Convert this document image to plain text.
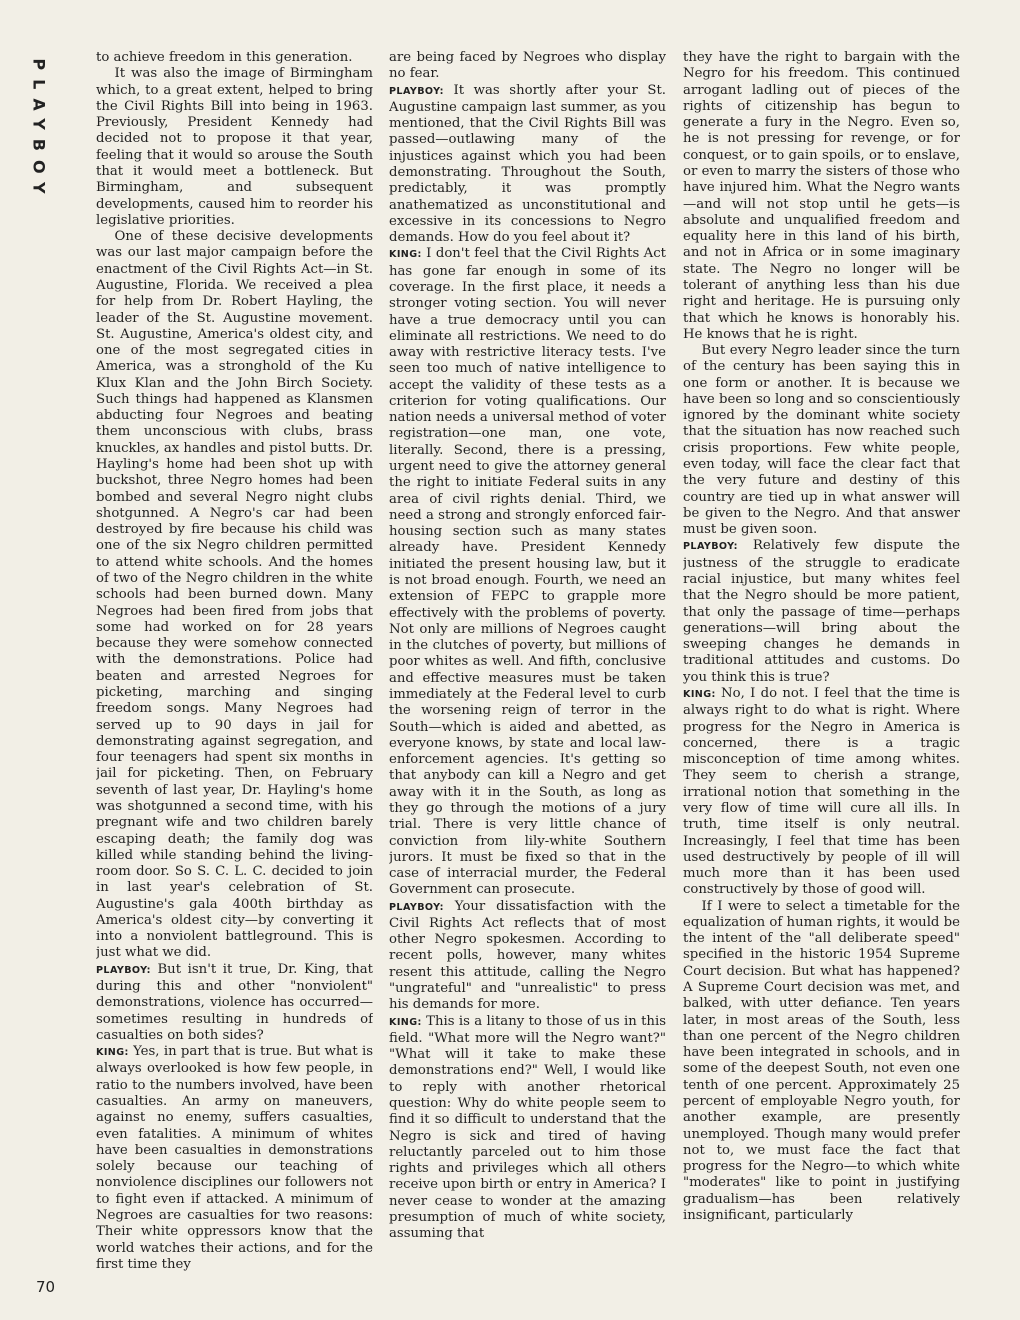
PLAYBOY

to achieve freedom in this generation.

It was also the image of Birmingham which, to a great extent, helped to bring the Civil Rights Bill into being in 1963. Previously, President Kennedy had decided not to propose it that year, feeling that it would so arouse the South that it would meet a bottleneck. But Birmingham, and subsequent developments, caused him to reorder his legislative priorities.

One of these decisive developments was our last major campaign before the enactment of the Civil Rights Act—in St. Augustine, Florida. We received a plea for help from Dr. Robert Hayling, the leader of the St. Augustine movement. St. Augustine, America's oldest city, and one of the most segregated cities in America, was a stronghold of the Ku Klux Klan and the John Birch Society. Such things had happened as Klansmen abducting four Negroes and beating them unconscious with clubs, brass knuckles, ax handles and pistol butts. Dr. Hayling's home had been shot up with buckshot, three Negro homes had been bombed and several Negro night clubs shotgunned. A Negro's car had been destroyed by fire because his child was one of the six Negro children permitted to attend white schools. And the homes of two of the Negro children in the white schools had been burned down. Many Negroes had been fired from jobs that some had worked on for 28 years because they were somehow connected with the demonstrations. Police had beaten and arrested Negroes for picketing, marching and singing freedom songs. Many Negroes had served up to 90 days in jail for demonstrating against segregation, and four teenagers had spent six months in jail for picketing. Then, on February seventh of last year, Dr. Hayling's home was shotgunned a second time, with his pregnant wife and two children barely escaping death; the family dog was killed while standing behind the living-room door. So S. C. L. C. decided to join in last year's celebration of St. Augustine's gala 400th birthday as America's oldest city—by converting it into a nonviolent battleground. This is just what we did.

PLAYBOY: But isn't it true, Dr. King, that during this and other "nonviolent" demonstrations, violence has occurred—sometimes resulting in hundreds of casualties on both sides?

KING: Yes, in part that is true. But what is always overlooked is how few people, in ratio to the numbers involved, have been casualties. An army on maneuvers, against no enemy, suffers casualties, even fatalities. A minimum of whites have been casualties in demonstrations solely because our teaching of nonviolence disciplines our followers not to fight even if attacked. A minimum of Negroes are casualties for two reasons: Their white oppressors know that the world watches their actions, and for the first time they

are being faced by Negroes who display no fear.

PLAYBOY: It was shortly after your St. Augustine campaign last summer, as you mentioned, that the Civil Rights Bill was passed—outlawing many of the injustices against which you had been demonstrating. Throughout the South, predictably, it was promptly anathematized as unconstitutional and excessive in its concessions to Negro demands. How do you feel about it?

KING: I don't feel that the Civil Rights Act has gone far enough in some of its coverage. In the first place, it needs a stronger voting section. You will never have a true democracy until you can eliminate all restrictions. We need to do away with restrictive literacy tests. I've seen too much of native intelligence to accept the validity of these tests as a criterion for voting qualifications. Our nation needs a universal method of voter registration—one man, one vote, literally. Second, there is a pressing, urgent need to give the attorney general the right to initiate Federal suits in any area of civil rights denial. Third, we need a strong and strongly enforced fair-housing section such as many states already have. President Kennedy initiated the present housing law, but it is not broad enough. Fourth, we need an extension of FEPC to grapple more effectively with the problems of poverty. Not only are millions of Negroes caught in the clutches of poverty, but millions of poor whites as well. And fifth, conclusive and effective measures must be taken immediately at the Federal level to curb the worsening reign of terror in the South—which is aided and abetted, as everyone knows, by state and local law-enforcement agencies. It's getting so that anybody can kill a Negro and get away with it in the South, as long as they go through the motions of a jury trial. There is very little chance of conviction from lily-white Southern jurors. It must be fixed so that in the case of interracial murder, the Federal Government can prosecute.

PLAYBOY: Your dissatisfaction with the Civil Rights Act reflects that of most other Negro spokesmen. According to recent polls, however, many whites resent this attitude, calling the Negro "ungrateful" and "unrealistic" to press his demands for more.

KING: This is a litany to those of us in this field. "What more will the Negro want?" "What will it take to make these demonstrations end?" Well, I would like to reply with another rhetorical question: Why do white people seem to find it so difficult to understand that the Negro is sick and tired of having reluctantly parceled out to him those rights and privileges which all others receive upon birth or entry in America? I never cease to wonder at the amazing presumption of much of white society, assuming that

they have the right to bargain with the Negro for his freedom. This continued arrogant ladling out of pieces of the rights of citizenship has begun to generate a fury in the Negro. Even so, he is not pressing for revenge, or for conquest, or to gain spoils, or to enslave, or even to marry the sisters of those who have injured him. What the Negro wants—and will not stop until he gets—is absolute and unqualified freedom and equality here in this land of his birth, and not in Africa or in some imaginary state. The Negro no longer will be tolerant of anything less than his due right and heritage. He is pursuing only that which he knows is honorably his. He knows that he is right.

But every Negro leader since the turn of the century has been saying this in one form or another. It is because we have been so long and so conscientiously ignored by the dominant white society that the situation has now reached such crisis proportions. Few white people, even today, will face the clear fact that the very future and destiny of this country are tied up in what answer will be given to the Negro. And that answer must be given soon.

PLAYBOY: Relatively few dispute the justness of the struggle to eradicate racial injustice, but many whites feel that the Negro should be more patient, that only the passage of time—perhaps generations—will bring about the sweeping changes he demands in traditional attitudes and customs. Do you think this is true?

KING: No, I do not. I feel that the time is always right to do what is right. Where progress for the Negro in America is concerned, there is a tragic misconception of time among whites. They seem to cherish a strange, irrational notion that something in the very flow of time will cure all ills. In truth, time itself is only neutral. Increasingly, I feel that time has been used destructively by people of ill will much more than it has been used constructively by those of good will.

If I were to select a timetable for the equalization of human rights, it would be the intent of the "all deliberate speed" specified in the historic 1954 Supreme Court decision. But what has happened? A Supreme Court decision was met, and balked, with utter defiance. Ten years later, in most areas of the South, less than one percent of the Negro children have been integrated in schools, and in some of the deepest South, not even one tenth of one percent. Approximately 25 percent of employable Negro youth, for another example, are presently unemployed. Though many would prefer not to, we must face the fact that progress for the Negro—to which white "moderates" like to point in justifying gradualism—has been relatively insignificant, particularly

70
